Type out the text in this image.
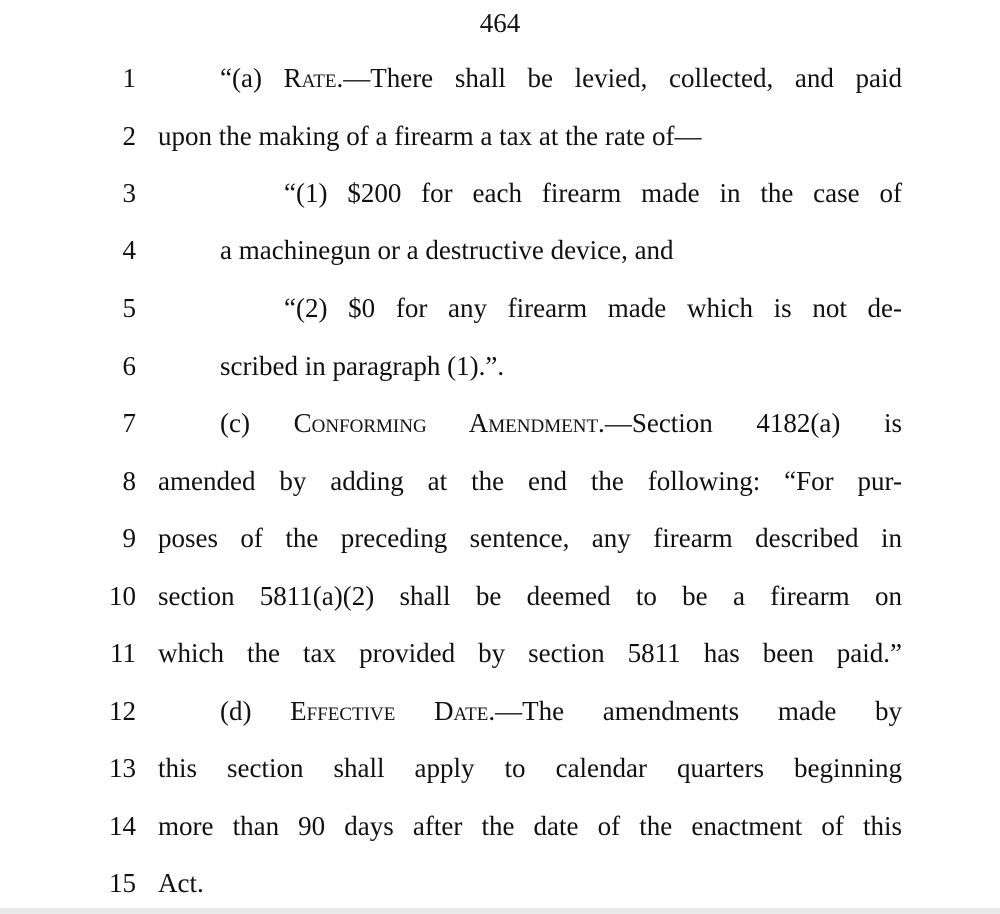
464
1	“(a) Rate.—There shall be levied, collected, and paid
2 upon the making of a firearm a tax at the rate of—
3	“(1) $200 for each firearm made in the case of
4	a machinegun or a destructive device, and
5	“(2) $0 for any firearm made which is not de-
6	scribed in paragraph (1).”.
7	(c) Conforming Amendment.—Section 4182(a) is
8 amended by adding at the end the following: “For pur-
9 poses of the preceding sentence, any firearm described in
10 section 5811(a)(2) shall be deemed to be a firearm on
11 which the tax provided by section 5811 has been paid.”
12	(d) Effective Date.—The amendments made by
13 this section shall apply to calendar quarters beginning
14 more than 90 days after the date of the enactment of this
15 Act.
